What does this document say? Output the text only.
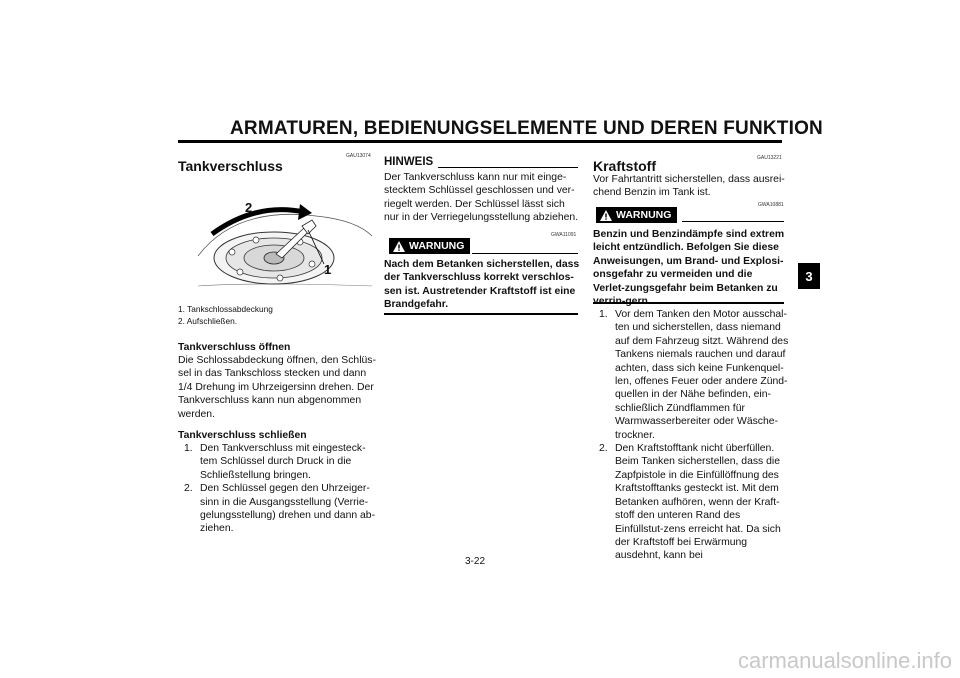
ARMATUREN, BEDIENUNGSELEMENTE UND DEREN FUNKTION
3
GAU13074
Tankverschluss
2
1
1. Tankschlossabdeckung
2. Aufschließen.
Tankverschluss öffnen
Die Schlossabdeckung öffnen, den Schlüs-sel in das Tankschloss stecken und dann 1/4 Drehung im Uhrzeigersinn drehen. Der Tankverschluss kann nun abgenommen werden.
Tankverschluss schließen
1. Den Tankverschluss mit eingesteck-tem Schlüssel durch Druck in die Schließstellung bringen.
2. Den Schlüssel gegen den Uhrzeiger-sinn in die Ausgangsstellung (Verrie-gelungsstellung) drehen und dann ab-ziehen.
HINWEIS
Der Tankverschluss kann nur mit einge-stecktem Schlüssel geschlossen und ver-riegelt werden. Der Schlüssel lässt sich nur in der Verriegelungsstellung abziehen.
GWA11091
WARNUNG
Nach dem Betanken sicherstellen, dass der Tankverschluss korrekt verschlos-sen ist. Austretender Kraftstoff ist eine Brandgefahr.
GAU13221
Kraftstoff
Vor Fahrtantritt sicherstellen, dass ausrei-chend Benzin im Tank ist.
GWA10881
WARNUNG
Benzin und Benzindämpfe sind extrem leicht entzündlich. Befolgen Sie diese Anweisungen, um Brand- und Explosi-onsgefahr zu vermeiden und die Verlet-zungsgefahr beim Betanken zu
1. Vor dem Tanken den Motor ausschal-ten und sicherstellen, dass niemand auf dem Fahrzeug sitzt. Während des Tankens niemals rauchen und darauf achten, dass sich keine Funkenquel-len, offenes Feuer oder andere Zünd-quellen in der Nähe befinden, ein-schließlich Zündflammen für Warmwasserbereiter oder Wäsche-trockner.
2. Den Kraftstofftank nicht überfüllen. Beim Tanken sicherstellen, dass die Zapfpistole in die Einfüllöffnung des Kraftstofftanks gesteckt ist. Mit dem Betanken aufhören, wenn der Kraft-stoff den unteren Rand des Einfüllstut-zens erreicht hat. Da sich der Kraftstoff bei Erwärmung ausdehnt, kann bei
3-22
carmanualsonline.info
